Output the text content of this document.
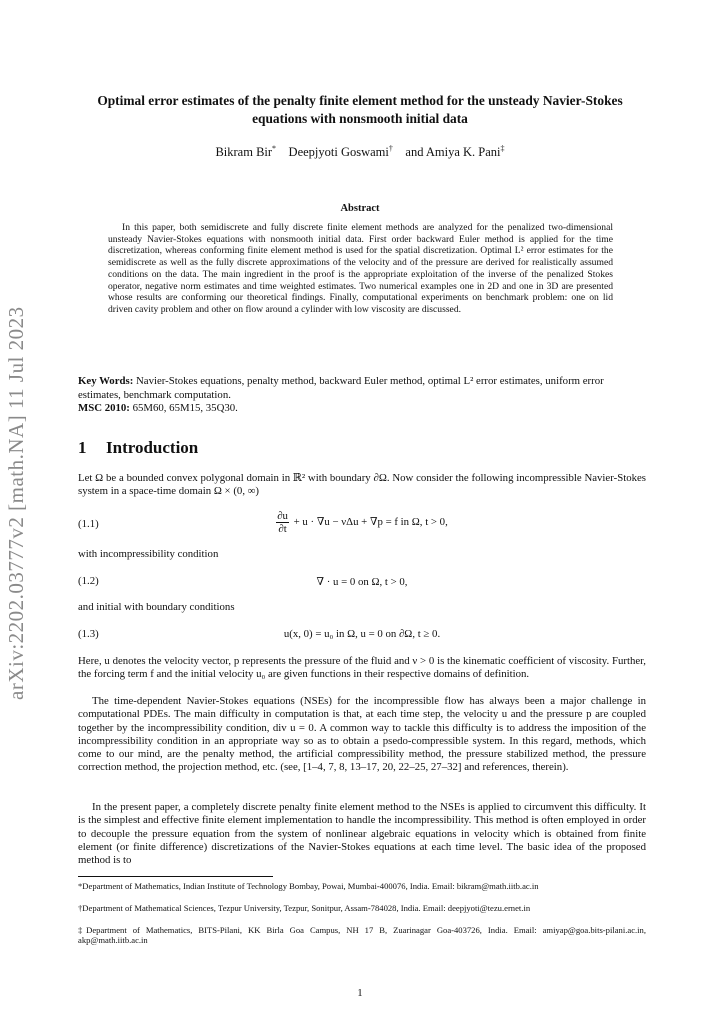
arXiv:2202.03777v2 [math.NA] 11 Jul 2023
Optimal error estimates of the penalty finite element method for the unsteady Navier-Stokes equations with nonsmooth initial data
Bikram Bir* Deepjyoti Goswami† and Amiya K. Pani‡
Abstract
In this paper, both semidiscrete and fully discrete finite element methods are analyzed for the penalized two-dimensional unsteady Navier-Stokes equations with nonsmooth initial data. First order backward Euler method is applied for the time discretization, whereas conforming finite element method is used for the spatial discretization. Optimal L² error estimates for the semidiscrete as well as the fully discrete approximations of the velocity and of the pressure are derived for realistically assumed conditions on the data. The main ingredient in the proof is the appropriate exploitation of the inverse of the penalized Stokes operator, negative norm estimates and time weighted estimates. Two numerical examples one in 2D and one in 3D are presented whose results are conforming our theoretical findings. Finally, computational experiments on benchmark problem: one on lid driven cavity problem and other on flow around a cylinder with low viscosity are discussed.
Key Words: Navier-Stokes equations, penalty method, backward Euler method, optimal L² error estimates, uniform error estimates, benchmark computation.
MSC 2010: 65M60, 65M15, 35Q30.
1 Introduction
Let Ω be a bounded convex polygonal domain in ℝ² with boundary ∂Ω. Now consider the following incompressible Navier-Stokes system in a space-time domain Ω × (0, ∞)
(1.1)	$\frac{\partial u}{\partial t} + u \cdot \nabla u - \nu\Delta u + \nabla p = f$ in Ω, t > 0,
with incompressibility condition
(1.2)	∇ · u = 0 on Ω, t > 0,
and initial with boundary conditions
(1.3)	u(x, 0) = u₀ in Ω, u = 0 on ∂Ω, t ≥ 0.
Here, u denotes the velocity vector, p represents the pressure of the fluid and ν > 0 is the kinematic coefficient of viscosity. Further, the forcing term f and the initial velocity u₀ are given functions in their respective domains of definition.
The time-dependent Navier-Stokes equations (NSEs) for the incompressible flow has always been a major challenge in computational PDEs. The main difficulty in computation is that, at each time step, the velocity u and the pressure p are coupled together by the incompressibility condition, div u = 0. A common way to tackle this difficulty is to address the imposition of the incompressibility condition in an appropriate way so as to obtain a psedo-compressible system. In this regard, methods, which come to our mind, are the penalty method, the artificial compressibility method, the pressure stabilized method, the pressure correction method, the projection method, etc. (see, [1–4, 7, 8, 13–17, 20, 22–25, 27–32] and references, therein).
In the present paper, a completely discrete penalty finite element method to the NSEs is applied to circumvent this difficulty. It is the simplest and effective finite element implementation to handle the incompressibility. This method is often employed in order to decouple the pressure equation from the system of nonlinear algebraic equations in velocity which is obtained from finite element (or finite difference) discretizations of the Navier-Stokes equations at each time level. The basic idea of the proposed method is to
*Department of Mathematics, Indian Institute of Technology Bombay, Powai, Mumbai-400076, India. Email: bikram@math.iitb.ac.in
†Department of Mathematical Sciences, Tezpur University, Tezpur, Sonitpur, Assam-784028, India. Email: deepjyoti@tezu.ernet.in
‡Department of Mathematics, BITS-Pilani, KK Birla Goa Campus, NH 17 B, Zuarinagar Goa-403726, India. Email: amiyap@goa.bits-pilani.ac.in, akp@math.iitb.ac.in
1
